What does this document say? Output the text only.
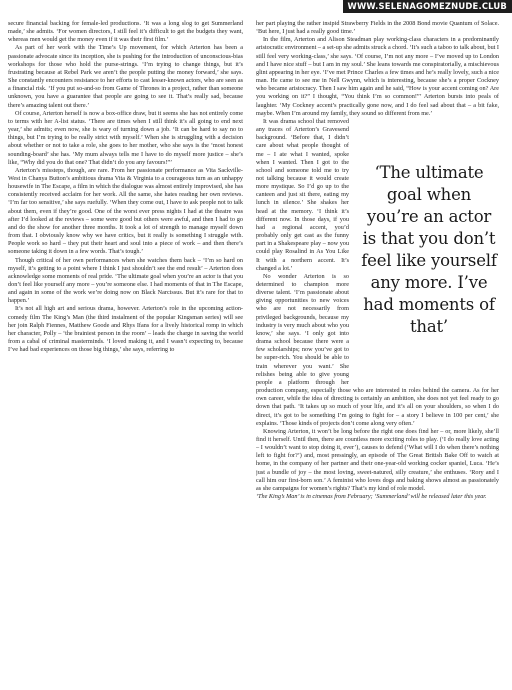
WWW.SELENAGOMEZNUDE.CLUB

secure financial backing for female-led productions. ‘It was a long slog to get Summerland made,’ she admits. ‘For women directors, I still feel it’s difficult to get the budgets they want, whereas men would get the money even if it was their first film.’

As part of her work with the Time’s Up movement, for which Arterton has been a passionate advocate since its inception, she is pushing for the introduction of unconscious-bias workshops for those who hold the purse-strings. ‘I’m trying to change things, but it’s frustrating because at Rebel Park we aren’t the people putting the money forward,’ she says. She constantly encounters resistance to her efforts to cast lesser-known actors, who are seen as a financial risk. ‘If you put so-and-so from Game of Thrones in a project, rather than someone unknown, you have a guarantee that people are going to see it. That’s really sad, because there’s amazing talent out there.’

Of course, Arterton herself is now a box-office draw, but it seems she has not entirely come to terms with her A-list status. ‘There are times when I still think it’s all going to end next year,’ she admits; even now, she is wary of turning down a job. ‘It can be hard to say no to things, but I’m trying to be really strict with myself.’ When she is struggling with a decision about whether or not to take a role, she goes to her mother, who she says is the ‘most honest sounding-board’ she has. ‘My mum always tells me I have to do myself more justice – she’s like, “Why did you do that one? That didn’t do you any favours!”’

Arterton’s missteps, though, are rare. From her passionate performance as Vita Sackville-West in Chanya Button’s ambitious drama Vita & Virginia to a courageous turn as an unhappy housewife in The Escape, a film in which the dialogue was almost entirely improvised, she has consistently received acclaim for her work. All the same, she hates reading her own reviews. ‘I’m far too sensitive,’ she says ruefully. ‘When they come out, I have to ask people not to talk about them, even if they’re good. One of the worst ever press nights I had at the theatre was after I’d looked at the reviews – some were good but others were awful, and then I had to go and do the show for another three months. It took a lot of strength to manage myself down from that. I obviously know why we have critics, but it really is something I struggle with. People work so hard – they put their heart and soul into a piece of work – and then there’s someone taking it down in a few words. That’s tough.’

Though critical of her own performances when she watches them back – ‘I’m so hard on myself, it’s getting to a point where I think I just shouldn’t see the end result’ – Arterton does acknowledge some moments of real pride. ‘The ultimate goal when you’re an actor is that you don’t feel like yourself any more – you’re someone else. I had moments of that in The Escape, and again in some of the work we’re doing now on Black Narcissus. But it’s rare for that to happen.’

It’s not all high art and serious drama, however. Arterton’s role in the upcoming action-comedy film The King’s Man (the third instalment of the popular Kingsman series) will see her join Ralph Fiennes, Matthew Goode and Rhys Ifans for a lively historical romp in which her character, Polly – ‘the brainiest person in the room’ – leads the charge in saving the world from a cabal of criminal masterminds. ‘I loved making it, and I wasn’t expecting to, because I’ve had bad experiences on those big things,’ she says, referring to

her part playing the rather insipid Strawberry Fields in the 2008 Bond movie Quantum of Solace. ‘But here, I just had a really good time.’

In the film, Arterton and Alison Steadman play working-class characters in a predominantly aristocratic environment – a set-up she admits struck a chord. ‘It’s such a taboo to talk about, but I still feel very working-class,’ she says. ‘Of course, I’m not any more – I’ve moved up to London and I have nice stuff – but I am in my soul.’ She leans towards me conspiratorially, a mischievous glint appearing in her eye. ‘I’ve met Prince Charles a few times and he’s really lovely, such a nice man. He came to see me in Nell Gwynn, which is interesting, because she’s a proper Cockney who became aristocracy. Then I saw him again and he said, “How is your accent coming on? Are you working on it?” I thought, “You think I’m so common!”’ Arterton bursts into peals of laughter. ‘My Cockney accent’s practically gone now, and I do feel sad about that – a bit fake, maybe. When I’m around my family, they sound so different from me.’

‘The ultimate goal when you’re an actor is that you don’t feel like yourself any more. I’ve had moments of that’

It was drama school that removed any traces of Arterton’s Gravesend background. ‘Before that, I didn’t care about what people thought of me – I ate what I wanted, spoke when I wanted. Then I got to the school and someone told me to try not talking because it would create more mystique. So I’d go up to the canteen and just sit there, eating my lunch in silence.’ She shakes her head at the memory. ‘I think it’s different now. In those days, if you had a regional accent, you’d probably only get cast as the funny part in a Shakespeare play – now you could play Rosalind in As You Like It with a northern accent. It’s changed a lot.’

No wonder Arterton is so determined to champion more diverse talent. ‘I’m passionate about giving opportunities to new voices who are not necessarily from privileged backgrounds, because my industry is very much about who you know,’ she says. ‘I only got into drama school because there were a few scholarships; now you’ve got to be super-rich. You should be able to train wherever you want.’ She relishes being able to give young people a platform through her production company, especially those who are interested in roles behind the camera. As for her own career, while the idea of directing is certainly an ambition, she does not yet feel ready to go down that path. ‘It takes up so much of your life, and it’s all on your shoulders, so when I do direct, it’s got to be something I’m going to fight for – a story I believe in 100 per cent,’ she explains. ‘Those kinds of projects don’t come along very often.’

Knowing Arterton, it won’t be long before the right one does find her – or, more likely, she’ll find it herself. Until then, there are countless more exciting roles to play. (‘I do really love acting – I wouldn’t want to stop doing it, ever’), causes to defend (‘What will I do when there’s nothing left to fight for?’) and, most pressingly, an episode of The Great British Bake Off to watch at home, in the company of her partner and their one-year-old working cocker spaniel, Luca. ‘He’s just a bundle of joy – the most loving, sweet-natured, silly creature,’ she enthuses. ‘Rory and I call him our first-born son.’ A feminist who loves dogs and baking shows almost as passionately as she campaigns for women’s rights? That’s my kind of role model.

‘The King’s Man’ is in cinemas from February; ‘Summerland’ will be released later this year.
